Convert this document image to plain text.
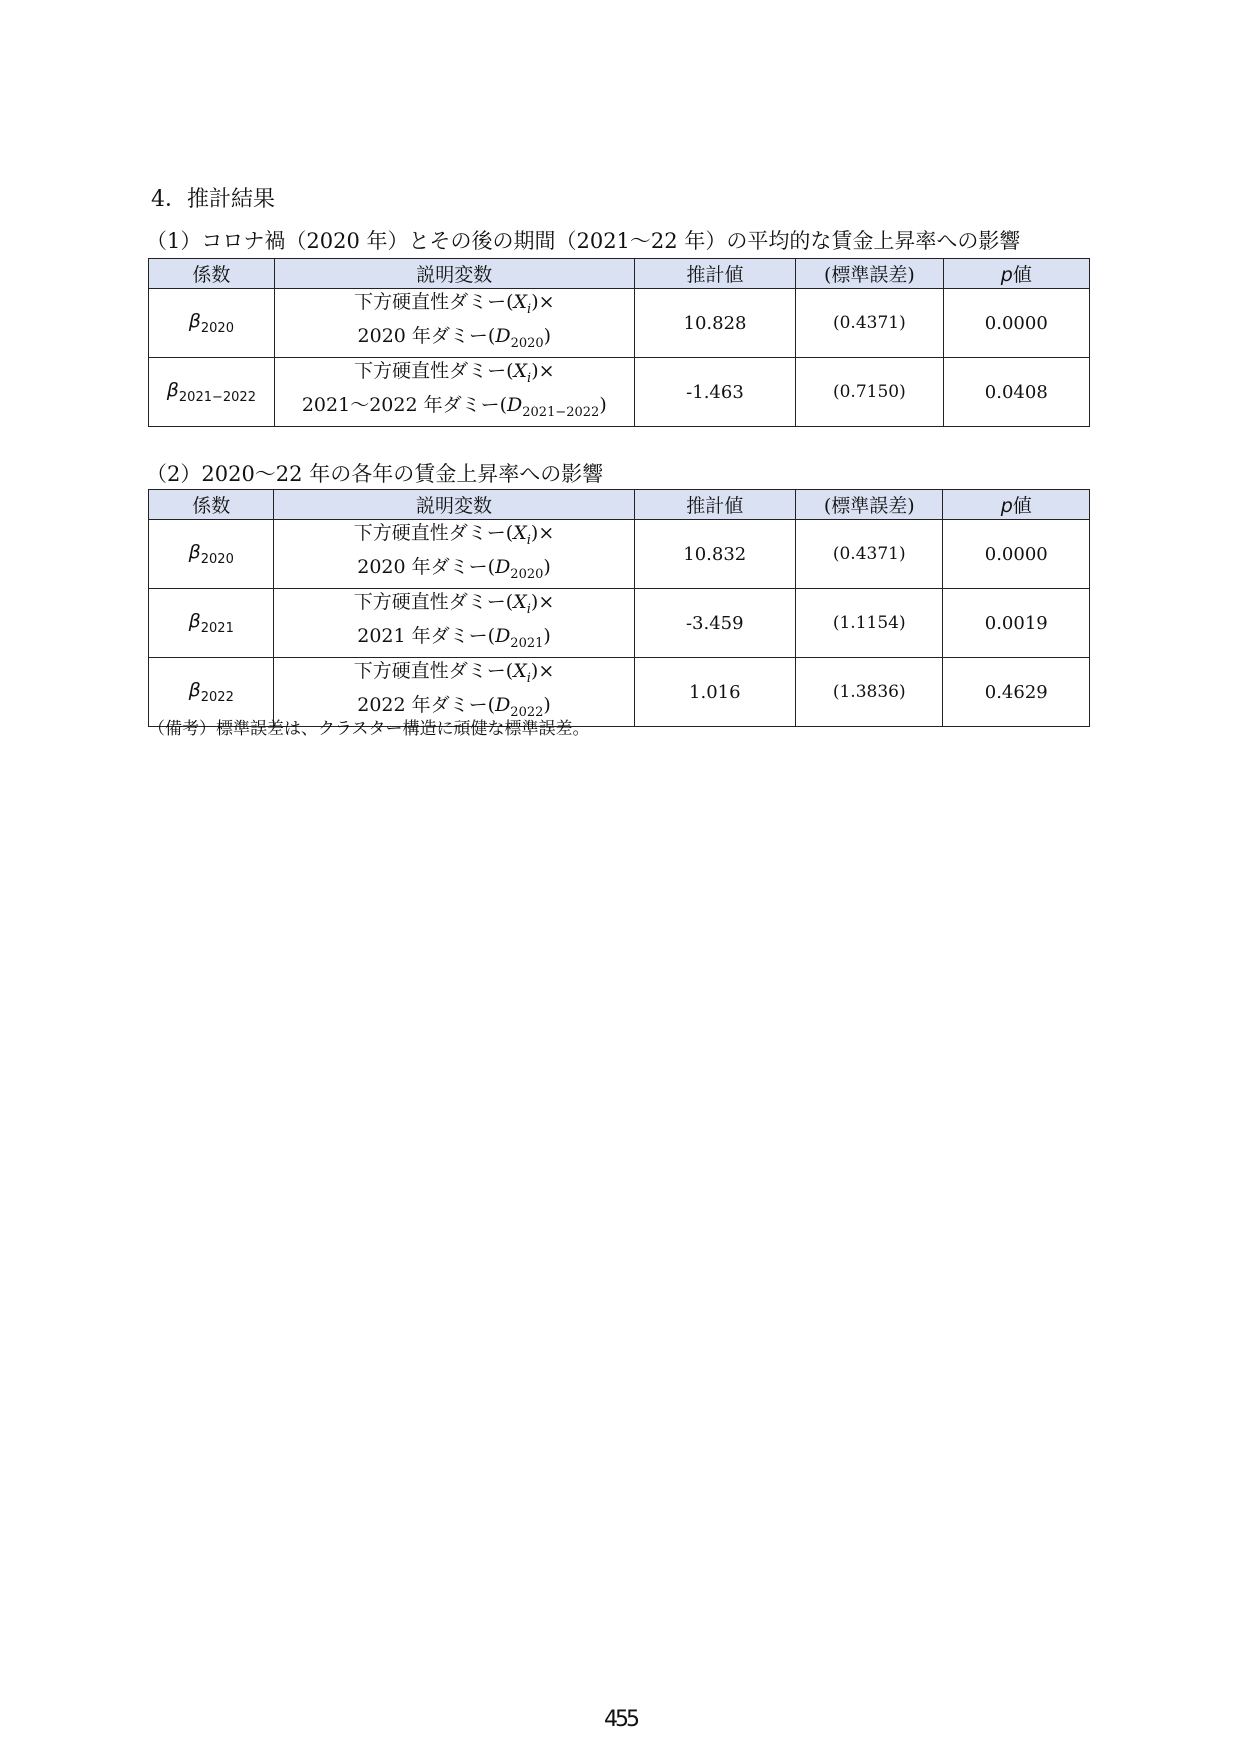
4．推計結果
（1）コロナ禍（2020 年）とその後の期間（2021～22 年）の平均的な賃金上昇率への影響
係数	説明変数	推計値	(標準誤差)	p値
$\beta_{2020}$	下方硬直性ダミー$(X_i)\times$
2020 年ダミー$(D_{2020})$	10.828	(0.4371)	0.0000
$\beta_{2021-2022}$	下方硬直性ダミー$(X_i)\times$
2021～2022 年ダミー$(D_{2021-2022})$	-1.463	(0.7150)	0.0408
（2）2020～22 年の各年の賃金上昇率への影響
係数	説明変数	推計値	(標準誤差)	p値
$\beta_{2020}$	下方硬直性ダミー$(X_i)\times$
2020 年ダミー$(D_{2020})$	10.832	(0.4371)	0.0000
$\beta_{2021}$	下方硬直性ダミー$(X_i)\times$
2021 年ダミー$(D_{2021})$	-3.459	(1.1154)	0.0019
$\beta_{2022}$	下方硬直性ダミー$(X_i)\times$
2022 年ダミー$(D_{2022})$	1.016	(1.3836)	0.4629
（備考）標準誤差は、クラスター構造に頑健な標準誤差。
455
